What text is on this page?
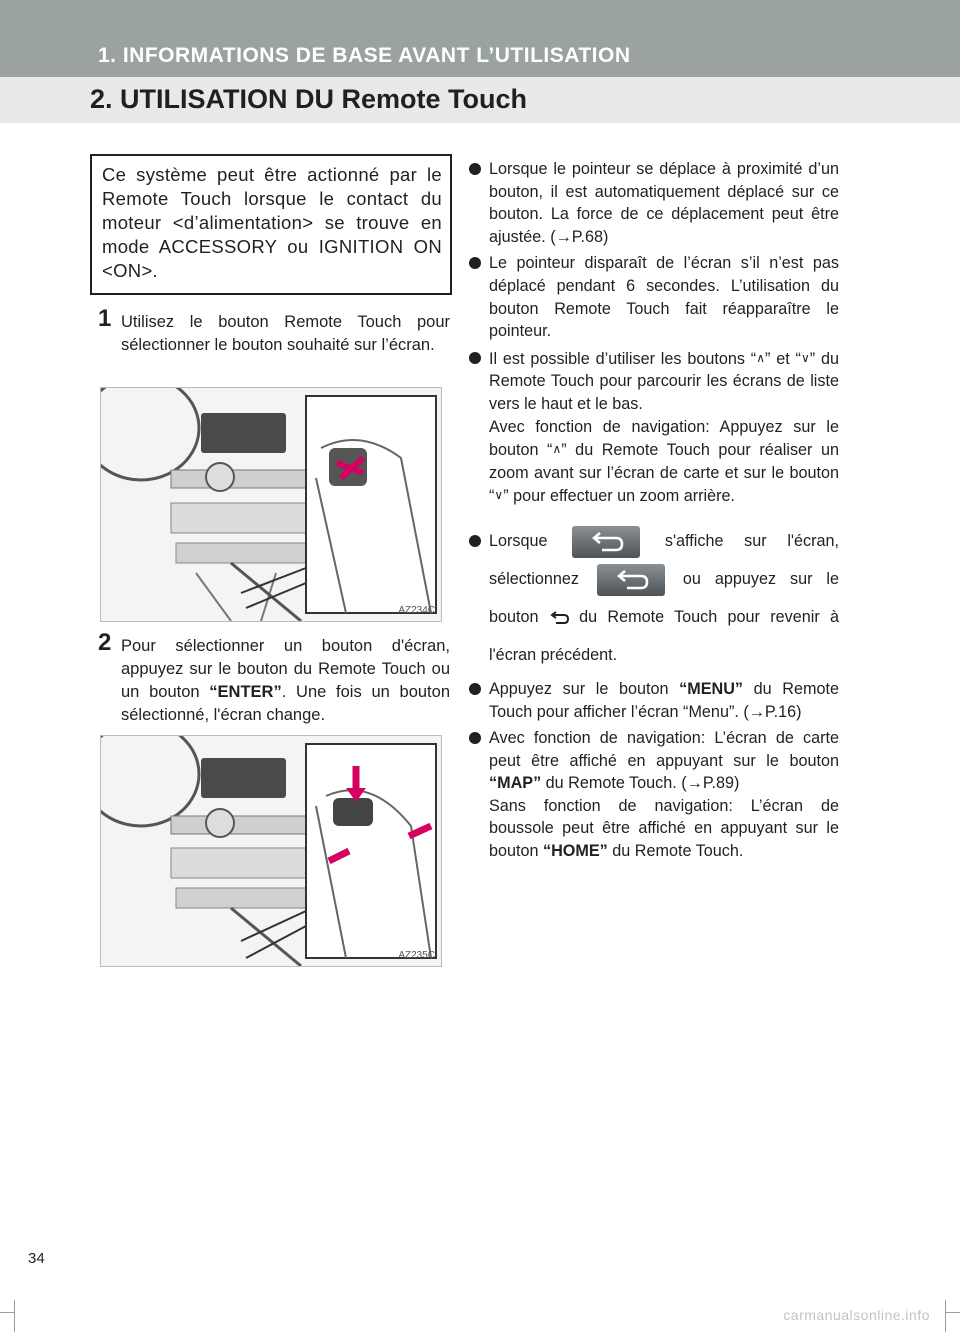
1. INFORMATIONS DE BASE AVANT L’UTILISATION
2. UTILISATION DU Remote Touch
Ce système peut être actionné par le Remote Touch lorsque le contact du moteur <d’alimentation> se trouve en mode ACCESSORY ou IGNITION ON <ON>.
1 Utilisez le bouton Remote Touch pour sélectionner le bouton souhaité sur l’écran.
AZ234C
2 Pour sélectionner un bouton d'écran, appuyez sur le bouton du Remote Touch ou un bouton “ENTER”. Une fois un bouton sélectionné, l'écran change.
AZ235C

Lorsque le pointeur se déplace à proximité d’un bouton, il est automatiquement déplacé sur ce bouton. La force de ce déplacement peut être ajustée. (→P.68)

Le pointeur disparaît de l’écran s’il n’est pas déplacé pendant 6 secondes. L’utilisation du bouton Remote Touch fait réapparaître le pointeur.

Il est possible d’utiliser les boutons “∧” et “∨” du Remote Touch pour parcourir les écrans de liste vers le haut et le bas.

Avec fonction de navigation: Appuyez sur le bouton “∧” du Remote Touch pour réaliser un zoom avant sur l’écran de carte et sur le bouton “∨” pour effectuer un zoom arrière.

Lorsque	s'affiche sur l'écran, sélectionnez	ou appuyez sur le bouton	du Remote Touch pour revenir à l'écran précédent.

Appuyez sur le bouton “MENU” du Remote Touch pour afficher l’écran “Menu”. (→P.16)

Avec fonction de navigation: L’écran de carte peut être affiché en appuyant sur le bouton “MAP” du Remote Touch. (→P.89)

Sans fonction de navigation: L’écran de boussole peut être affiché en appuyant sur le bouton “HOME” du Remote Touch.

34
carmanualsonline.info
